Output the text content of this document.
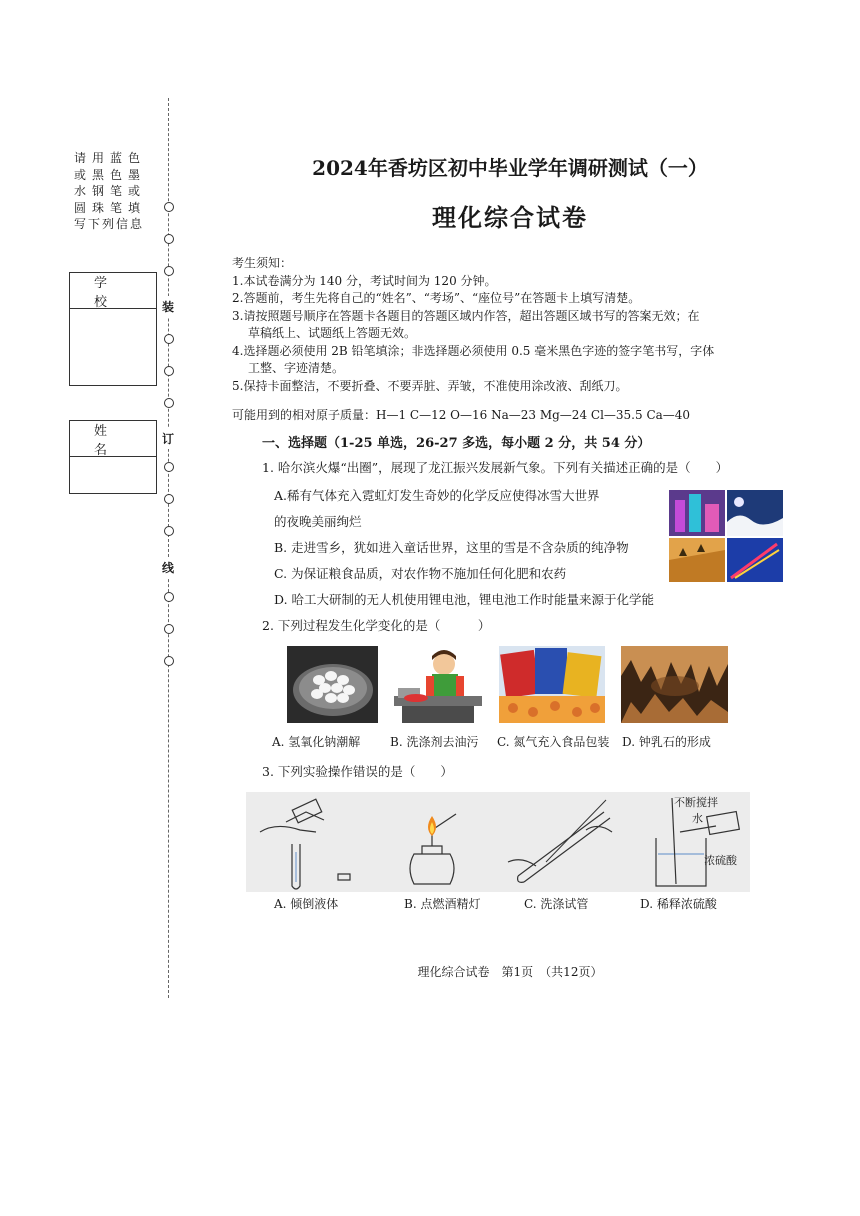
请用蓝色
或黑色墨
水钢笔或
圆珠笔填
写下列信息
学 校
姓 名
装
订
线
2024年香坊区初中毕业学年调研测试（一）
理化综合试卷
考生须知：
1.本试卷满分为 140 分，考试时间为 120 分钟。
2.答题前，考生先将自己的“姓名”、“考场”、“座位号”在答题卡上填写清楚。
3.请按照题号顺序在答题卡各题目的答题区域内作答，超出答题区域书写的答案无效；在
草稿纸上、试题纸上答题无效。
4.选择题必须使用 2B 铅笔填涂；非选择题必须使用 0.5 毫米黑色字迹的签字笔书写，字体
工整、字迹清楚。
5.保持卡面整洁，不要折叠、不要弄脏、弄皱，不准使用涂改液、刮纸刀。
可能用到的相对原子质量：H—1 C—12 O—16 Na—23 Mg—24 Cl—35.5 Ca—40
一、选择题（1-25 单选，26-27 多选，每小题 2 分，共 54 分）
1. 哈尔滨火爆“出圈”，展现了龙江振兴发展新气象。下列有关描述正确的是（　　）
A.稀有气体充入霓虹灯发生奇妙的化学反应使得冰雪大世界
的夜晚美丽绚烂
B. 走进雪乡，犹如进入童话世界，这里的雪是不含杂质的纯净物
C. 为保证粮食品质，对农作物不施加任何化肥和农药
D. 哈工大研制的无人机使用锂电池，锂电池工作时能量来源于化学能
2. 下列过程发生化学变化的是（　　　）
A. 氢氧化钠潮解 B. 洗涤剂去油污 C. 氮气充入食品包装 D. 钟乳石的形成
3. 下列实验操作错误的是（　　）
不断搅拌
水
浓硫酸
A. 倾倒液体	B. 点燃酒精灯	C. 洗涤试管	D. 稀释浓硫酸
理化综合试卷　第1页　（共12页）
